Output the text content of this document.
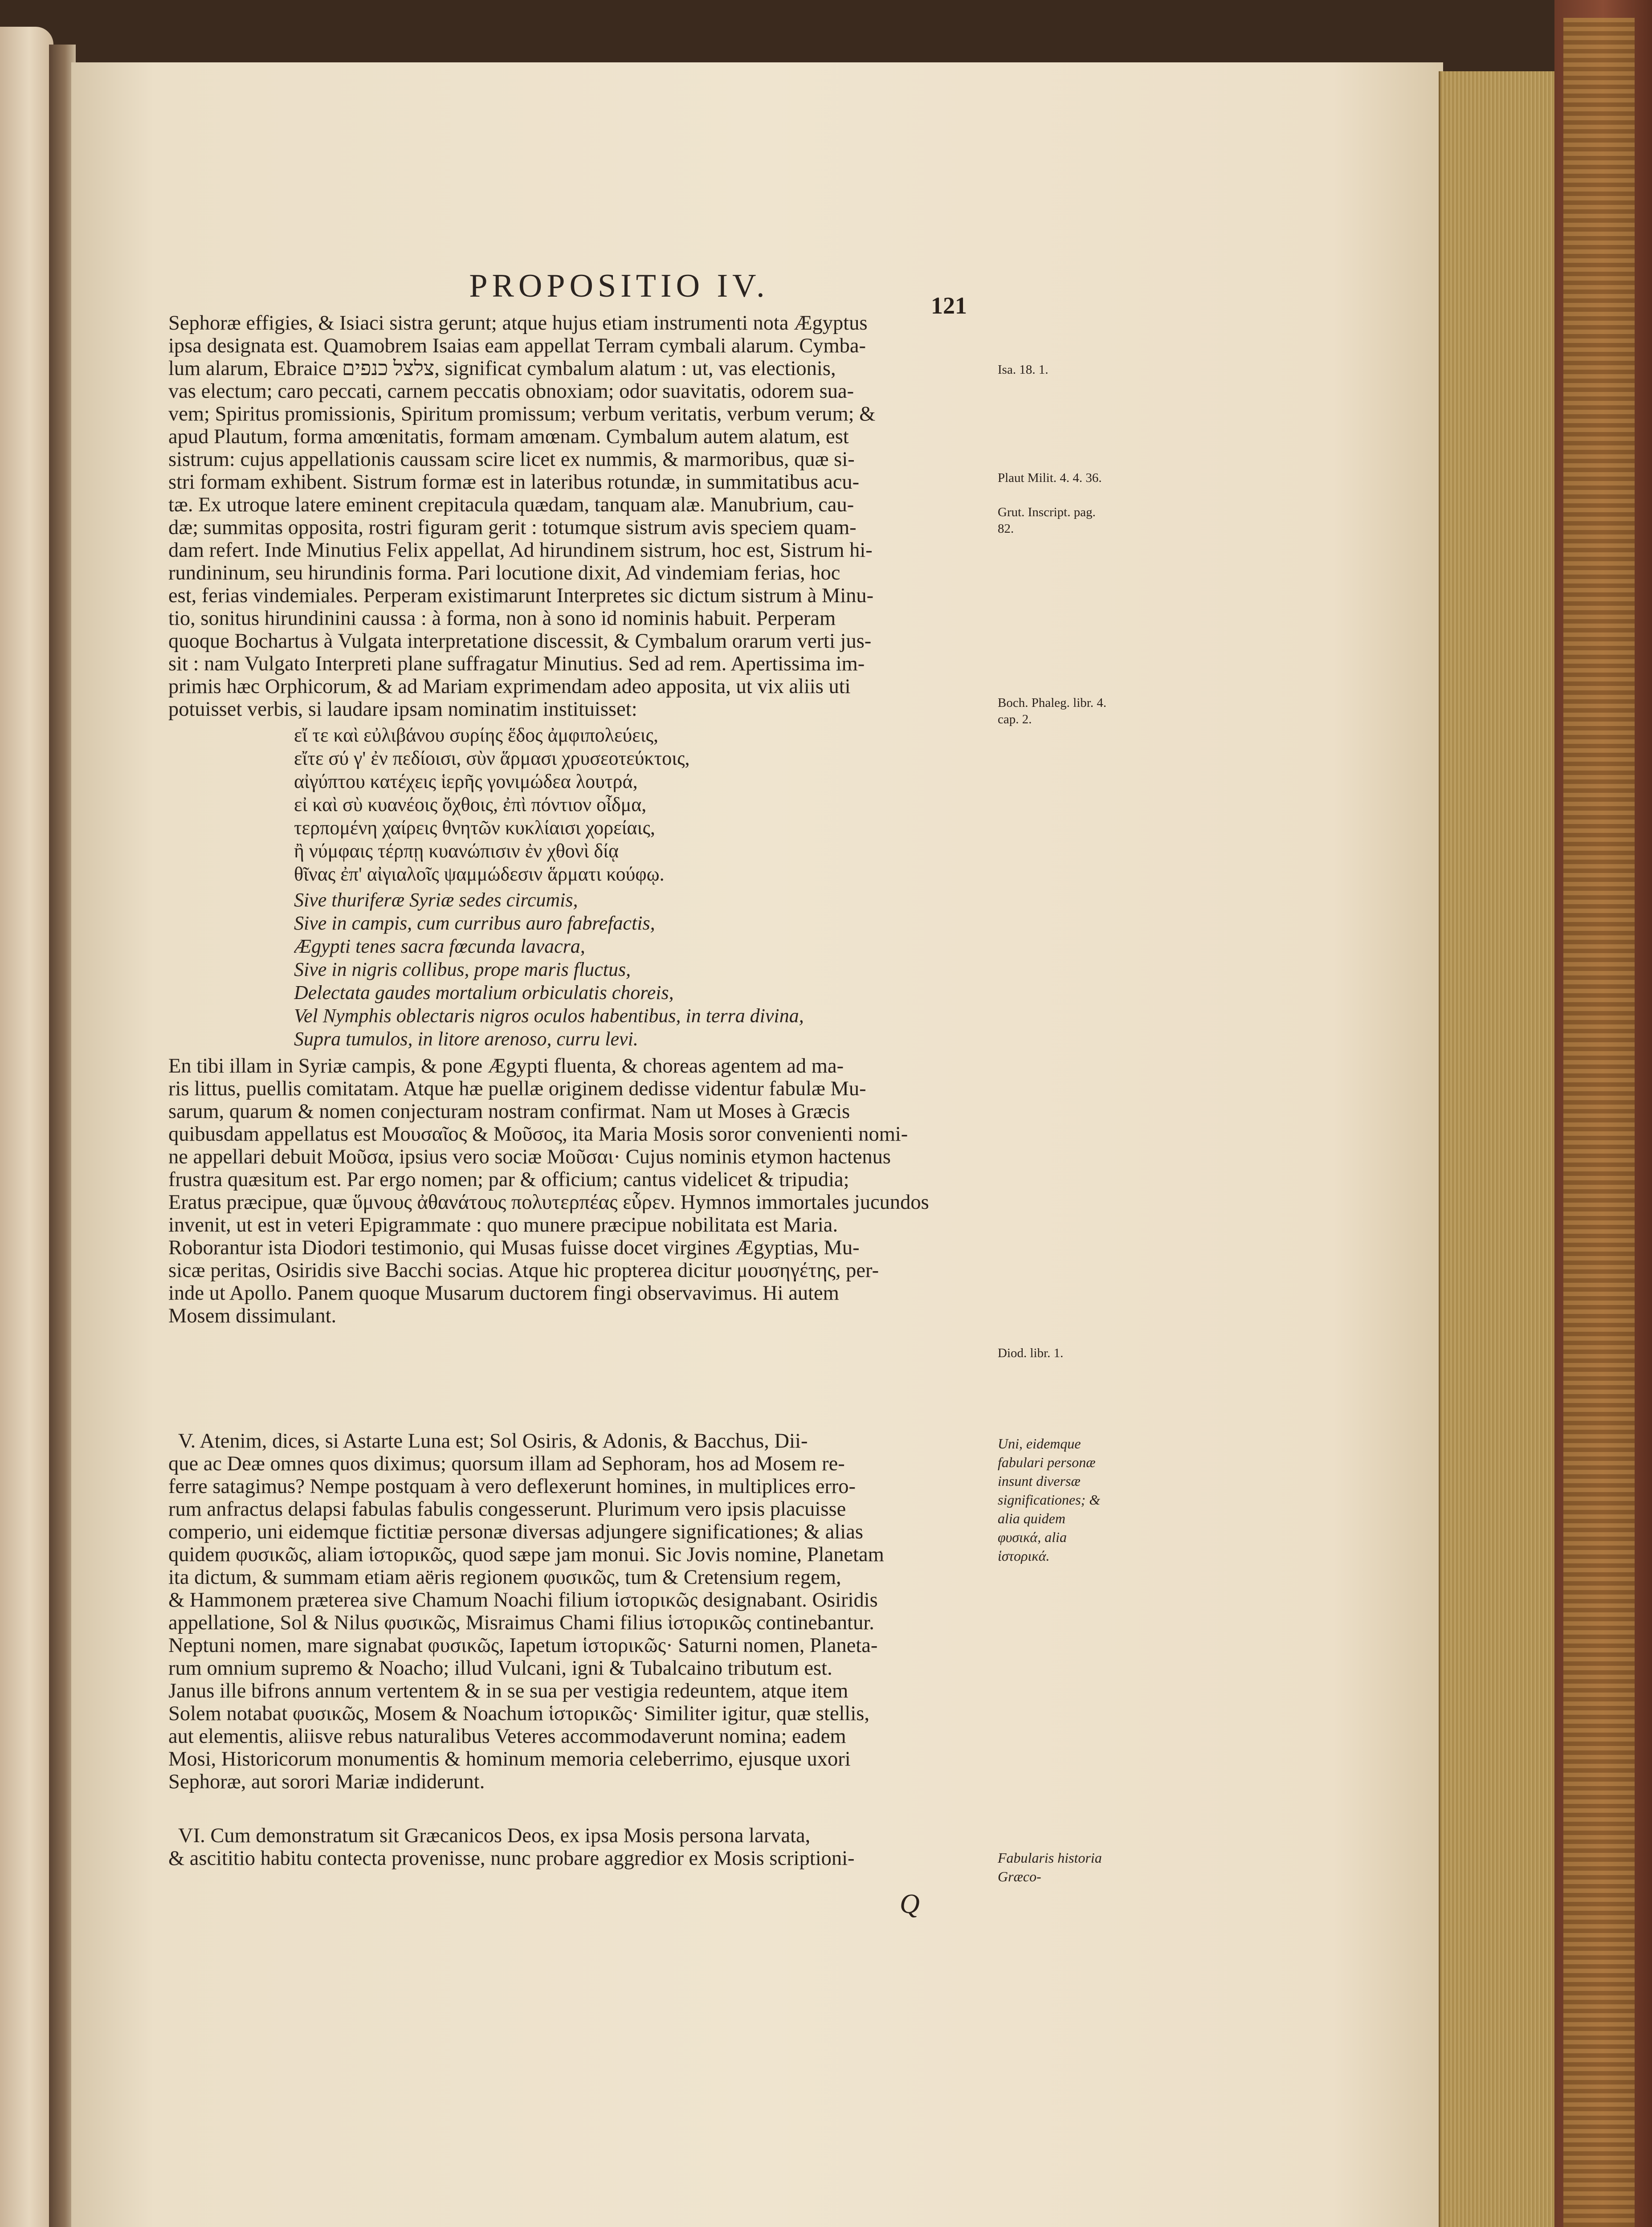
PROPOSITIO IV.
121
Sephoræ effigies, & Isiaci sistra gerunt; atque hujus etiam instrumenti nota Ægyptus
ipsa designata est. Quamobrem Isaias eam appellat Terram cymbali alarum. Cymba-
lum alarum, Ebraice צלצל כנפים, significat cymbalum alatum : ut, vas electionis,
vas electum; caro peccati, carnem peccatis obnoxiam; odor suavitatis, odorem sua-
vem; Spiritus promissionis, Spiritum promissum; verbum veritatis, verbum verum; &
apud Plautum, forma amœnitatis, formam amœnam. Cymbalum autem alatum, est
sistrum: cujus appellationis caussam scire licet ex nummis, & marmoribus, quæ si-
stri formam exhibent. Sistrum formæ est in lateribus rotundæ, in summitatibus acu-
tæ. Ex utroque latere eminent crepitacula quædam, tanquam alæ. Manubrium, cau-
dæ; summitas opposita, rostri figuram gerit : totumque sistrum avis speciem quam-
dam refert. Inde Minutius Felix appellat, Ad hirundinem sistrum, hoc est, Sistrum hi-
rundininum, seu hirundinis forma. Pari locutione dixit, Ad vindemiam ferias, hoc
est, ferias vindemiales. Perperam existimarunt Interpretes sic dictum sistrum à Minu-
tio, sonitus hirundinini caussa : à forma, non à sono id nominis habuit. Perperam
quoque Bochartus à Vulgata interpretatione discessit, & Cymbalum orarum verti jus-
sit : nam Vulgato Interpreti plane suffragatur Minutius. Sed ad rem. Apertissima im-
primis hæc Orphicorum, & ad Mariam exprimendam adeo apposita, ut vix aliis uti
potuisset verbis, si laudare ipsam nominatim instituisset:
εἴ τε καὶ εὐλιβάνου συρίης ἕδος ἀμφιπολεύεις,
εἴτε σύ γ' ἐν πεδίοισι, σὺν ἅρμασι χρυσεοτεύκτοις,
αἰγύπτου κατέχεις ἱερῆς γονιμώδεα λουτρά,
εἰ καὶ σὺ κυανέοις ὄχθοις, ἐπὶ πόντιον οἶδμα,
τερπομένη χαίρεις θνητῶν κυκλίαισι χορείαις,
ἢ νύμφαις τέρπῃ κυανώπισιν ἐν χθονὶ δίᾳ
θῖνας ἐπ' αἰγιαλοῖς ψαμμώδεσιν ἅρματι κούφῳ.
Sive thuriferæ Syriæ sedes circumis,
Sive in campis, cum curribus auro fabrefactis,
Ægypti tenes sacra fœcunda lavacra,
Sive in nigris collibus, prope maris fluctus,
Delectata gaudes mortalium orbiculatis choreis,
Vel Nymphis oblectaris nigros oculos habentibus, in terra divina,
Supra tumulos, in litore arenoso, curru levi.
En tibi illam in Syriæ campis, & pone Ægypti fluenta, & choreas agentem ad ma-
ris littus, puellis comitatam. Atque hæ puellæ originem dedisse videntur fabulæ Mu-
sarum, quarum & nomen conjecturam nostram confirmat. Nam ut Moses à Græcis
quibusdam appellatus est Μουσαῖος & Μοῦσος, ita Maria Mosis soror convenienti nomi-
ne appellari debuit Μοῦσα, ipsius vero sociæ Μοῦσαι· Cujus nominis etymon hactenus
frustra quæsitum est. Par ergo nomen; par & officium; cantus videlicet & tripudia;
Eratus præcipue, quæ ὕμνους ἀθανάτους πολυτερπέας εὗρεν. Hymnos immortales jucundos
invenit, ut est in veteri Epigrammate : quo munere præcipue nobilitata est Maria.
Roborantur ista Diodori testimonio, qui Musas fuisse docet virgines Ægyptias, Mu-
sicæ peritas, Osiridis sive Bacchi socias. Atque hic propterea dicitur μουσηγέτης, per-
inde ut Apollo. Panem quoque Musarum ductorem fingi observavimus. Hi autem
Mosem dissimulant.
V. Atenim, dices, si Astarte Luna est; Sol Osiris, & Adonis, & Bacchus, Dii-
que ac Deæ omnes quos diximus; quorsum illam ad Sephoram, hos ad Mosem re-
ferre satagimus? Nempe postquam à vero deflexerunt homines, in multiplices erro-
rum anfractus delapsi fabulas fabulis congesserunt. Plurimum vero ipsis placuisse
comperio, uni eidemque fictitiæ personæ diversas adjungere significationes; & alias
quidem φυσικῶς, aliam ἱστορικῶς, quod sæpe jam monui. Sic Jovis nomine, Planetam
ita dictum, & summam etiam aëris regionem φυσικῶς, tum & Cretensium regem,
& Hammonem præterea sive Chamum Noachi filium ἱστορικῶς designabant. Osiridis
appellatione, Sol & Nilus φυσικῶς, Misraimus Chami filius ἱστορικῶς continebantur.
Neptuni nomen, mare signabat φυσικῶς, Iapetum ἱστορικῶς· Saturni nomen, Planeta-
rum omnium supremo & Noacho; illud Vulcani, igni & Tubalcaino tributum est.
Janus ille bifrons annum vertentem & in se sua per vestigia redeuntem, atque item
Solem notabat φυσικῶς, Mosem & Noachum ἱστορικῶς· Similiter igitur, quæ stellis,
aut elementis, aliisve rebus naturalibus Veteres accommodaverunt nomina; eadem
Mosi, Historicorum monumentis & hominum memoria celeberrimo, ejusque uxori
Sephoræ, aut sorori Mariæ indiderunt.
VI. Cum demonstratum sit Græcanicos Deos, ex ipsa Mosis persona larvata,
& ascititio habitu contecta provenisse, nunc probare aggredior ex Mosis scriptioni-
Isa. 18. 1.
Plaut Milit. 4. 4. 36.
Grut. Inscript. pag. 82.
Boch. Phaleg. libr. 4. cap. 2.
Diod. libr. 1.
Uni, eidemque fabulari personæ insunt diversæ significationes; & alia quidem φυσικά, alia ἱστορικά.
Fabularis historia Græco-
Q
